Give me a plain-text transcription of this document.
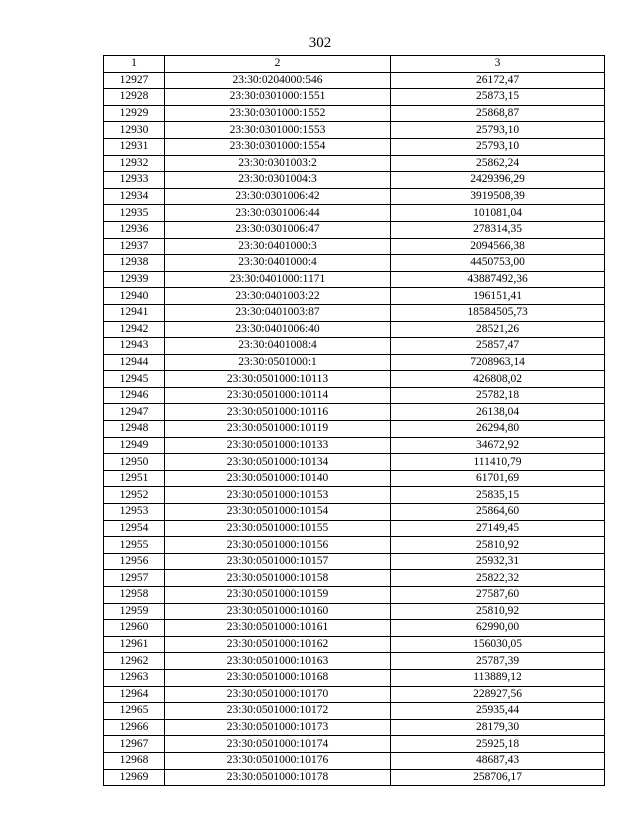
302
1	2	3
12927	23:30:0204000:546	26172,47
12928	23:30:0301000:1551	25873,15
12929	23:30:0301000:1552	25868,87
12930	23:30:0301000:1553	25793,10
12931	23:30:0301000:1554	25793,10
12932	23:30:0301003:2	25862,24
12933	23:30:0301004:3	2429396,29
12934	23:30:0301006:42	3919508,39
12935	23:30:0301006:44	101081,04
12936	23:30:0301006:47	278314,35
12937	23:30:0401000:3	2094566,38
12938	23:30:0401000:4	4450753,00
12939	23:30:0401000:1171	43887492,36
12940	23:30:0401003:22	196151,41
12941	23:30:0401003:87	18584505,73
12942	23:30:0401006:40	28521,26
12943	23:30:0401008:4	25857,47
12944	23:30:0501000:1	7208963,14
12945	23:30:0501000:10113	426808,02
12946	23:30:0501000:10114	25782,18
12947	23:30:0501000:10116	26138,04
12948	23:30:0501000:10119	26294,80
12949	23:30:0501000:10133	34672,92
12950	23:30:0501000:10134	111410,79
12951	23:30:0501000:10140	61701,69
12952	23:30:0501000:10153	25835,15
12953	23:30:0501000:10154	25864,60
12954	23:30:0501000:10155	27149,45
12955	23:30:0501000:10156	25810,92
12956	23:30:0501000:10157	25932,31
12957	23:30:0501000:10158	25822,32
12958	23:30:0501000:10159	27587,60
12959	23:30:0501000:10160	25810,92
12960	23:30:0501000:10161	62990,00
12961	23:30:0501000:10162	156030,05
12962	23:30:0501000:10163	25787,39
12963	23:30:0501000:10168	113889,12
12964	23:30:0501000:10170	228927,56
12965	23:30:0501000:10172	25935,44
12966	23:30:0501000:10173	28179,30
12967	23:30:0501000:10174	25925,18
12968	23:30:0501000:10176	48687,43
12969	23:30:0501000:10178	258706,17
